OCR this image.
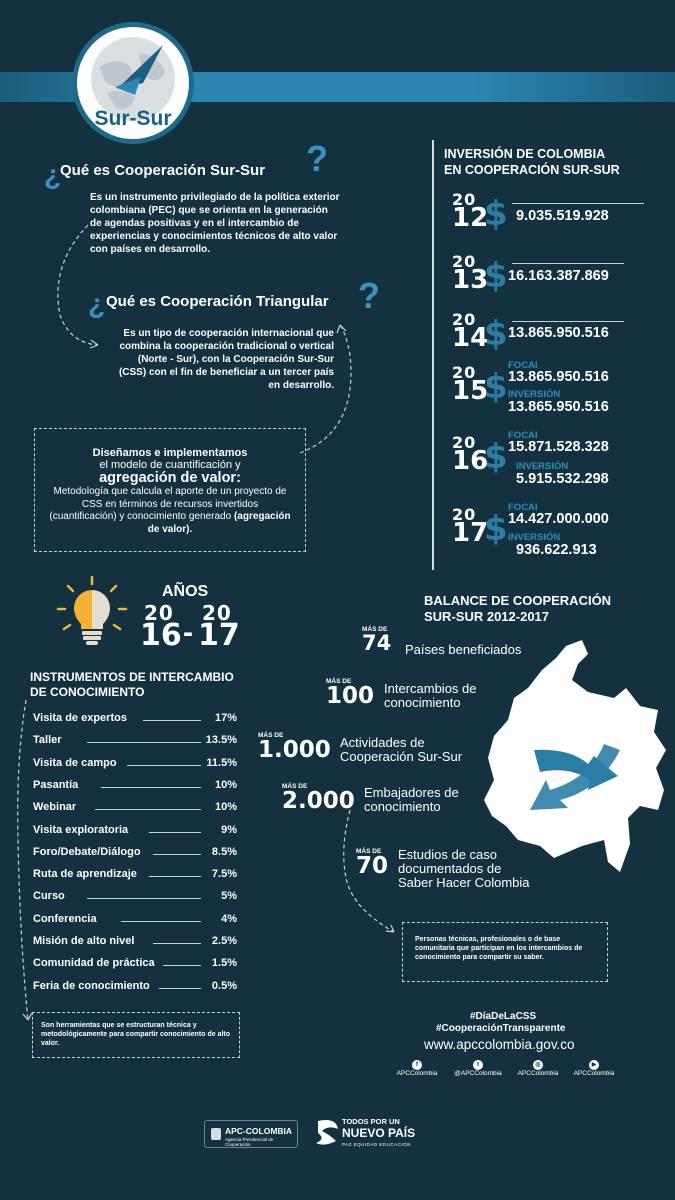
Sur-Sur
¿
Qué es Cooperación Sur-Sur ?

Es un instrumento privilegiado de la política exterior colombiana (PEC) que se orienta en la generación de agendas positivas y en el intercambio de experiencias y conocimientos técnicos de alto valor con países en desarrollo.

¿ Qué es Cooperación Triangular ?

Es un tipo de cooperación internacional que combina la cooperación tradicional o vertical (Norte - Sur), con la Cooperación Sur-Sur (CSS) con el fin de beneficiar a un tercer país en desarrollo.

Diseñamos e implementamos
el modelo de cuantificación y
agregación de valor:
Metodología que calcula el aporte de un proyecto de CSS en términos de recursos invertidos (cuantificación) y conocimiento generado (agregación de valor).
INVERSIÓN DE COLOMBIA
EN COOPERACIÓN SUR-SUR
20
12
$ 9.035.519.928
20
13
$ 16.163.387.869
20
14
$ 13.865.950.516
20
15
$
FOCAI
13.865.950.516
INVERSIÓN
13.865.950.516
20
16
$
FOCAI
15.871.528.328
INVERSIÓN
5.915.532.298
20
17
$
FOCAI
14.427.000.000
INVERSIÓN
936.622.913
AÑOS
20
16 -
20
17
INSTRUMENTOS DE INTERCAMBIO
DE CONOCIMIENTO
Visita de expertos	17%
Taller	13.5%
Visita de campo	11.5%
Pasantía	10%
Webinar	10%
Visita exploratoria	9%
Foro/Debate/Diálogo	8.5%
Ruta de aprendizaje	7.5%
Curso	5%
Conferencia	4%
Misión de alto nivel	2.5%
Comunidad de práctica	1.5%
Feria de conocimiento	0.5%
Son herramientas que se estructuran técnica y metodológicamente para compartir conocimiento de alto valor.
BALANCE DE COOPERACIÓN
SUR-SUR 2012-2017
MÁS DE
74 Países beneficiados
MÁS DE
100 Intercambios de
conocimiento
MÁS DE
1.000 Actividades de
Cooperación Sur-Sur
MÁS DE
2.000 Embajadores de
conocimiento
MÁS DE
70 Estudios de caso
documentados de
Saber Hacer Colombia
Personas técnicas, profesionales o de base comunitaria que participan en los intercambios de conocimiento para compartir su saber.
#DíaDeLaCSS
#CooperaciónTransparente
www.apccolombia.gov.co
f
APCColombia
t
@APCColombia
◎
APCColombia
▶
APCColombia
APC-COLOMBIA
Agencia Presidencial de Cooperación
TODOS POR UN
NUEVO PAÍS
PAZ EQUIDAD EDUCACIÓN
